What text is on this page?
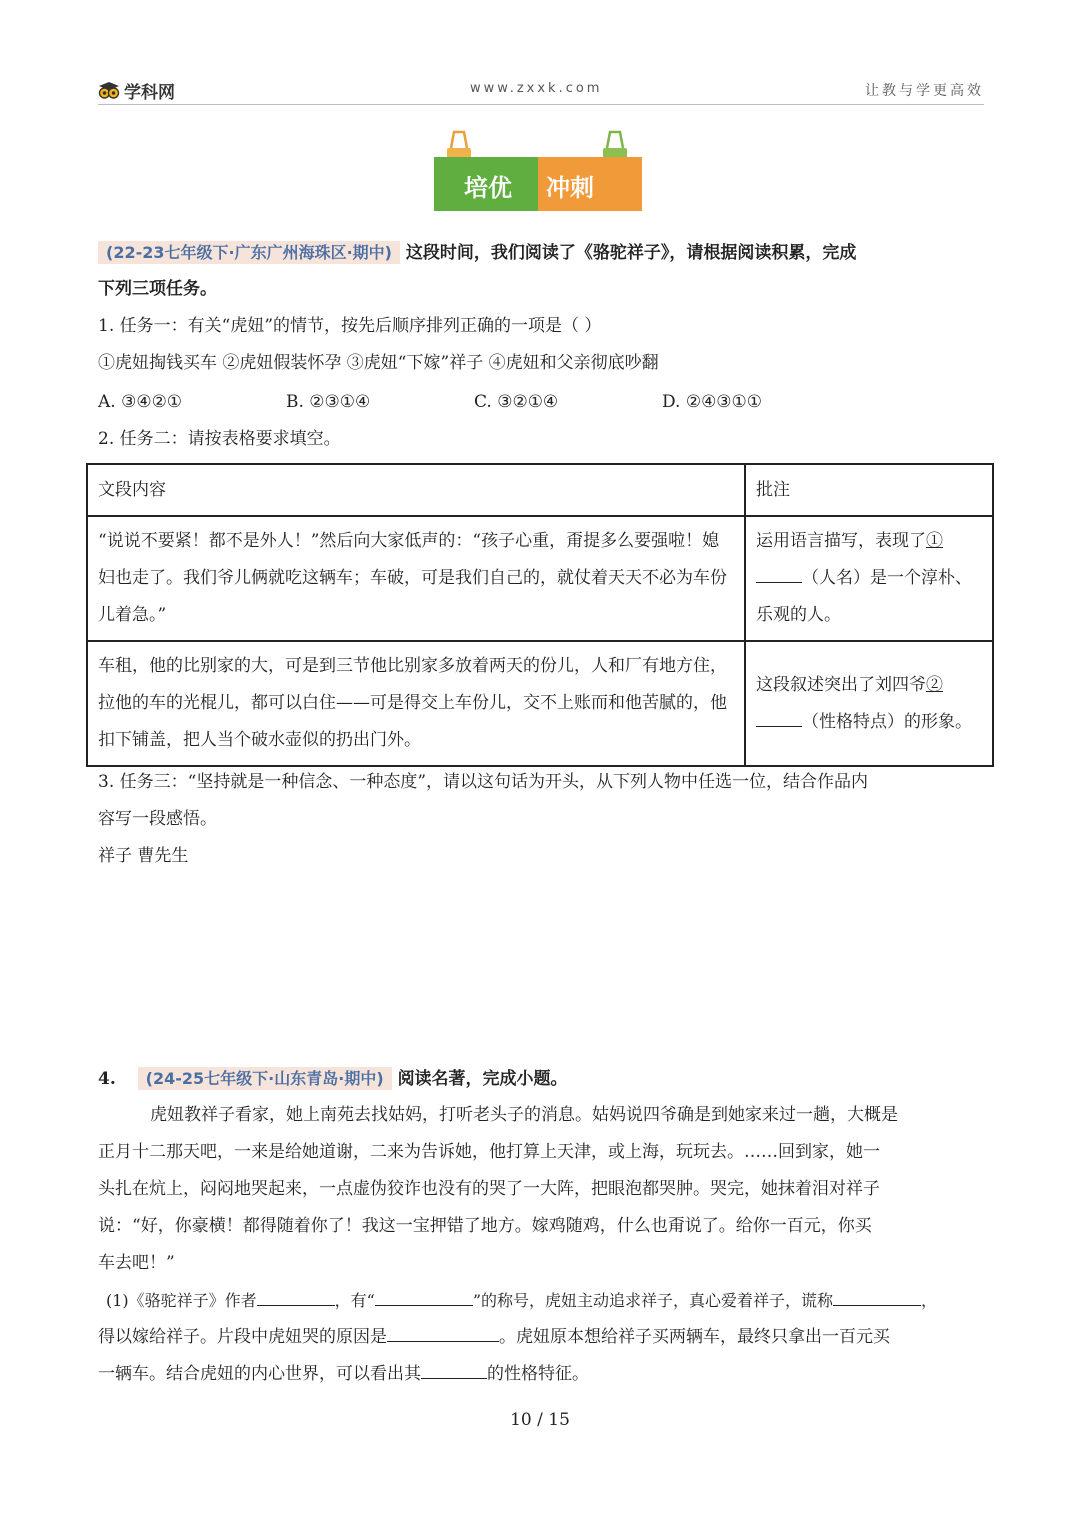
学科网	www.zxxk.com	让教与学更高效
培优 冲刺
(22-23七年级下·广东广州海珠区·期中) 这段时间，我们阅读了《骆驼祥子》，请根据阅读积累，完成
下列三项任务。
1. 任务一：有关“虎妞”的情节，按先后顺序排列正确的一项是（ ）
①虎妞掏钱买车 ②虎妞假装怀孕 ③虎妞“下嫁”祥子 ④虎妞和父亲彻底吵翻
A. ③④②①	B. ②③①④	C. ③②①④	D. ②④③①①
2. 任务二：请按表格要求填空。
文段内容	批注
“说说不要紧！都不是外人！”然后向大家低声的：“孩子心重，甭提多么要强啦！媳妇也走了。我们爷儿俩就吃这辆车；车破，可是我们自己的，就仗着天天不必为车份儿着急。”	运用语言描写，表现了①（人名）是一个淳朴、乐观的人。
车租，他的比别家的大，可是到三节他比别家多放着两天的份儿，人和厂有地方住，拉他的车的光棍儿，都可以白住——可是得交上车份儿，交不上账而和他苦腻的，他扣下铺盖，把人当个破水壶似的扔出门外。	这段叙述突出了刘四爷②（性格特点）的形象。
3. 任务三：“坚持就是一种信念、一种态度”，请以这句话为开头，从下列人物中任选一位，结合作品内
容写一段感悟。
祥子 曹先生
4. (24-25七年级下·山东青岛·期中) 阅读名著，完成小题。
虎妞教祥子看家，她上南苑去找姑妈，打听老头子的消息。姑妈说四爷确是到她家来过一趟，大概是
正月十二那天吧，一来是给她道谢，二来为告诉她，他打算上天津，或上海，玩玩去。……回到家，她一
头扎在炕上，闷闷地哭起来，一点虚伪狡诈也没有的哭了一大阵，把眼泡都哭肿。哭完，她抹着泪对祥子
说：“好，你豪横！都得随着你了！我这一宝押错了地方。嫁鸡随鸡，什么也甭说了。给你一百元，你买
车去吧！”
(1)《骆驼祥子》作者	，有“	”的称号，虎妞主动追求祥子，真心爱着祥子，谎称	，
得以嫁给祥子。片段中虎妞哭的原因是	。虎妞原本想给祥子买两辆车，最终只拿出一百元买
一辆车。结合虎妞的内心世界，可以看出其	的性格特征。
10 / 15
